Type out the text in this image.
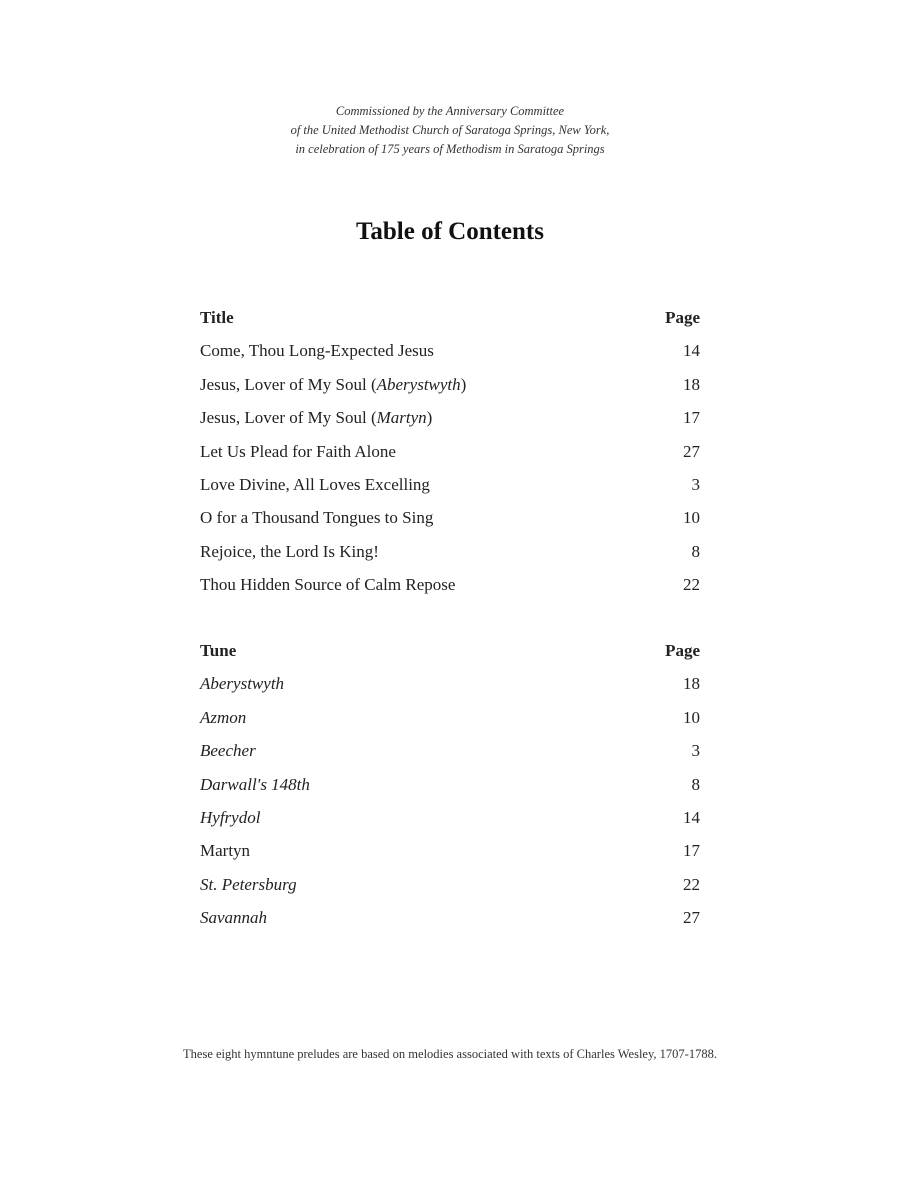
Commissioned by the Anniversary Committee
of the United Methodist Church of Saratoga Springs, New York,
in celebration of 175 years of Methodism in Saratoga Springs
Table of Contents
Title	Page
Come, Thou Long-Expected Jesus	14
Jesus, Lover of My Soul (Aberystwyth)	18
Jesus, Lover of My Soul (Martyn)	17
Let Us Plead for Faith Alone	27
Love Divine, All Loves Excelling	3
O for a Thousand Tongues to Sing	10
Rejoice, the Lord Is King!	8
Thou Hidden Source of Calm Repose	22
Tune	Page
Aberystwyth	18
Azmon	10
Beecher	3
Darwall's 148th	8
Hyfrydol	14
Martyn	17
St. Petersburg	22
Savannah	27
These eight hymntune preludes are based on melodies associated with texts of Charles Wesley, 1707-1788.
